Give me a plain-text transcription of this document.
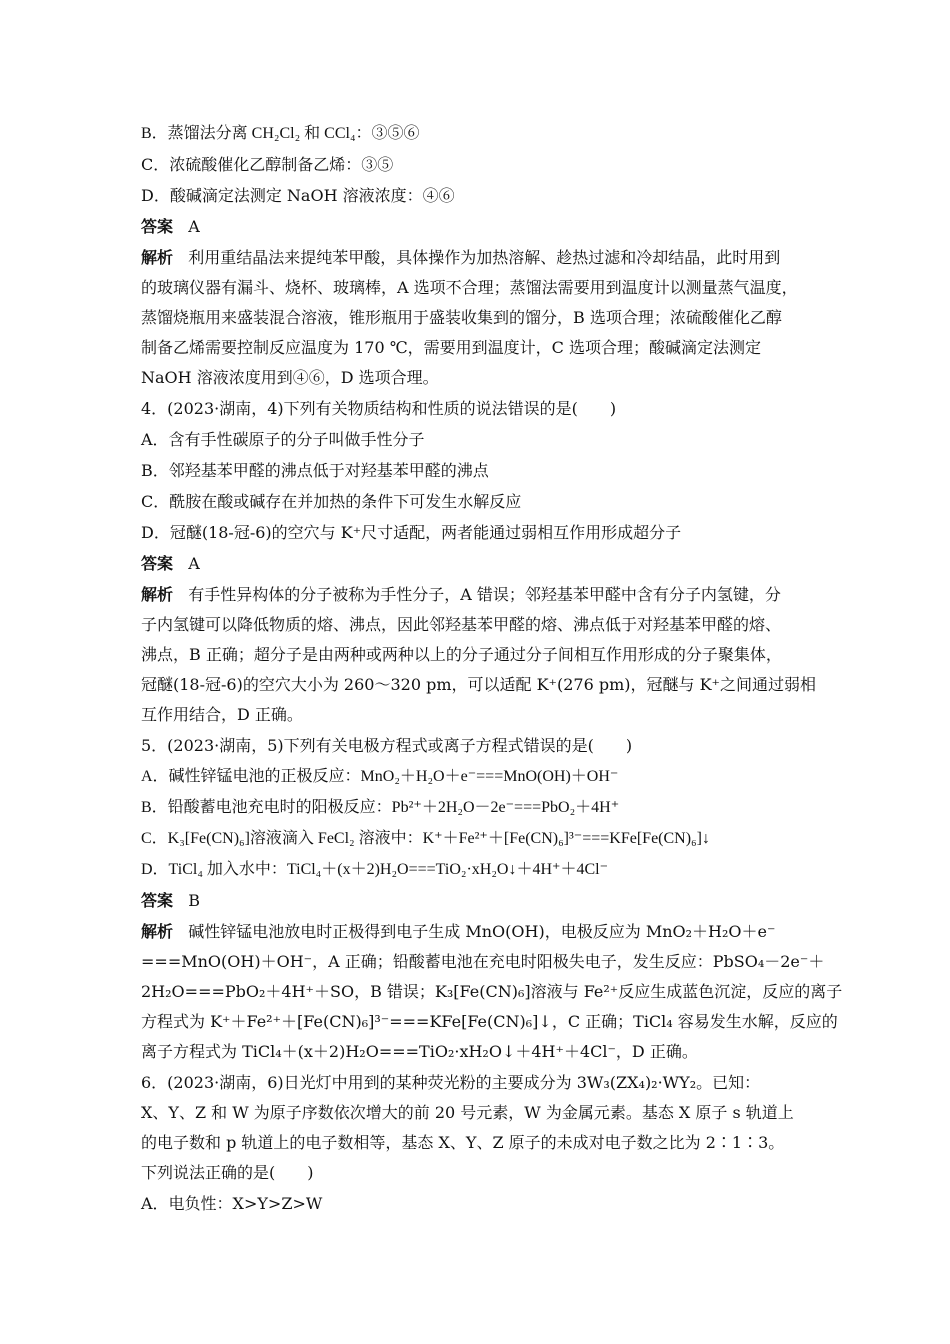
B．蒸馏法分离 CH₂Cl₂ 和 CCl₄：③⑤⑥
C．浓硫酸催化乙醇制备乙烯：③⑤
D．酸碱滴定法测定 NaOH 溶液浓度：④⑥
答案 A
解析 利用重结晶法来提纯苯甲酸，具体操作为加热溶解、趁热过滤和冷却结晶，此时用到
的玻璃仪器有漏斗、烧杯、玻璃棒，A 选项不合理；蒸馏法需要用到温度计以测量蒸气温度，
蒸馏烧瓶用来盛装混合溶液，锥形瓶用于盛装收集到的馏分，B 选项合理；浓硫酸催化乙醇
制备乙烯需要控制反应温度为 170 ℃，需要用到温度计，C 选项合理；酸碱滴定法测定
NaOH 溶液浓度用到④⑥，D 选项合理。
4．(2023·湖南，4)下列有关物质结构和性质的说法错误的是(　　)
A．含有手性碳原子的分子叫做手性分子
B．邻羟基苯甲醛的沸点低于对羟基苯甲醛的沸点
C．酰胺在酸或碱存在并加热的条件下可发生水解反应
D．冠醚(18-冠-6)的空穴与 K⁺尺寸适配，两者能通过弱相互作用形成超分子
答案 A
解析 有手性异构体的分子被称为手性分子，A 错误；邻羟基苯甲醛中含有分子内氢键，分
子内氢键可以降低物质的熔、沸点，因此邻羟基苯甲醛的熔、沸点低于对羟基苯甲醛的熔、
沸点，B 正确；超分子是由两种或两种以上的分子通过分子间相互作用形成的分子聚集体，
冠醚(18-冠-6)的空穴大小为 260～320 pm，可以适配 K⁺(276 pm)，冠醚与 K⁺之间通过弱相
互作用结合，D 正确。
5．(2023·湖南，5)下列有关电极方程式或离子方程式错误的是(　　)
A．碱性锌锰电池的正极反应：MnO₂＋H₂O＋e⁻===MnO(OH)＋OH⁻
B．铅酸蓄电池充电时的阳极反应：Pb²⁺＋2H₂O－2e⁻===PbO₂＋4H⁺
C．K₃[Fe(CN)₆]溶液滴入 FeCl₂ 溶液中：K⁺＋Fe²⁺＋[Fe(CN)₆]³⁻===KFe[Fe(CN)₆]↓
D．TiCl₄ 加入水中：TiCl₄＋(x＋2)H₂O===TiO₂·xH₂O↓＋4H⁺＋4Cl⁻
答案 B
解析 碱性锌锰电池放电时正极得到电子生成 MnO(OH)，电极反应为 MnO₂＋H₂O＋e⁻
===MnO(OH)＋OH⁻，A 正确；铅酸蓄电池在充电时阳极失电子，发生反应：PbSO₄－2e⁻＋
2H₂O===PbO₂＋4H⁺＋SO，B 错误；K₃[Fe(CN)₆]溶液与 Fe²⁺反应生成蓝色沉淀，反应的离子
方程式为 K⁺＋Fe²⁺＋[Fe(CN)₆]³⁻===KFe[Fe(CN)₆]↓，C 正确；TiCl₄ 容易发生水解，反应的
离子方程式为 TiCl₄＋(x＋2)H₂O===TiO₂·xH₂O↓＋4H⁺＋4Cl⁻，D 正确。
6．(2023·湖南，6)日光灯中用到的某种荧光粉的主要成分为 3W₃(ZX₄)₂·WY₂。已知：
X、Y、Z 和 W 为原子序数依次增大的前 20 号元素，W 为金属元素。基态 X 原子 s 轨道上
的电子数和 p 轨道上的电子数相等，基态 X、Y、Z 原子的未成对电子数之比为 2∶1∶3。
下列说法正确的是(　　)
A．电负性：X>Y>Z>W
